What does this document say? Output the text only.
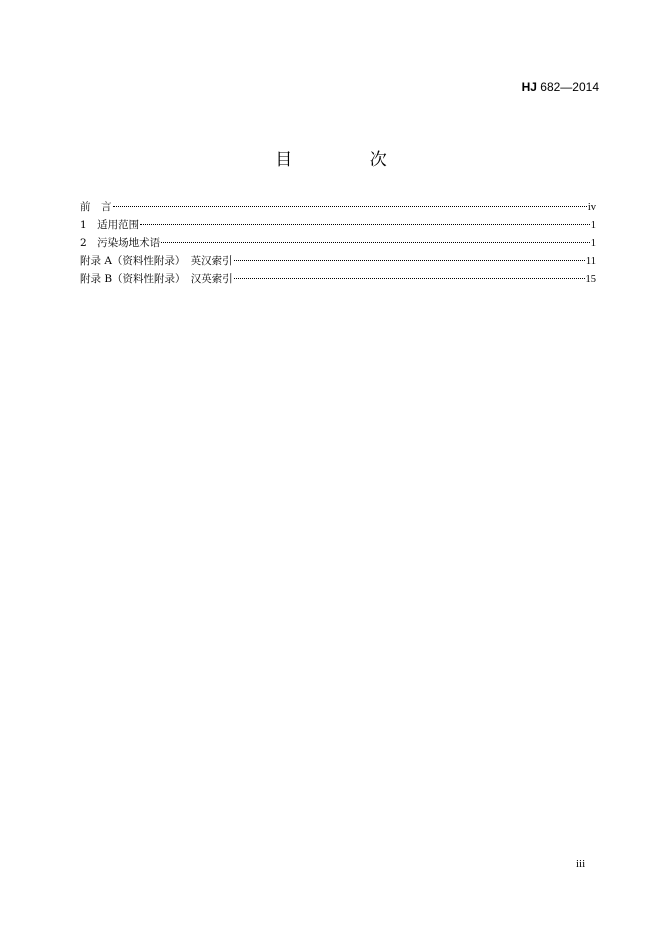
HJ 682—2014
目 次
前　言	iv
1　适用范围	1
2　污染场地术语	1
附录 A（资料性附录）　英汉索引	11
附录 B（资料性附录）　汉英索引	15
iii
